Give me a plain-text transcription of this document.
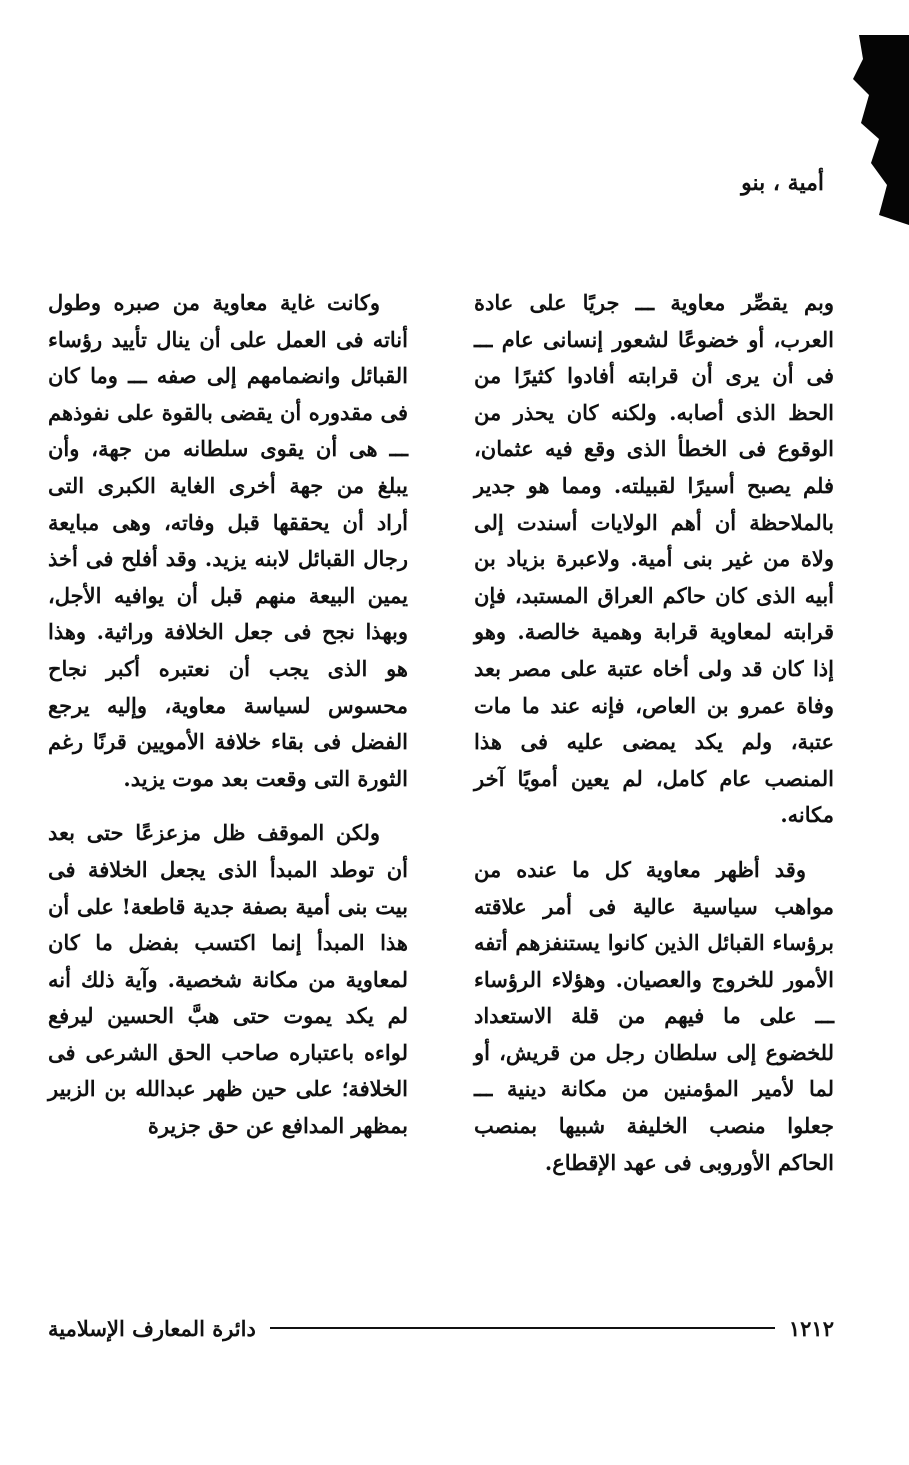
أمية ، بنو

وبم يقصِّر معاوية ـــ جريًا على عادة العرب، أو خضوعًا لشعور إنسانى عام ـــ فى أن يرى أن قرابته أفادوا كثيرًا من الحظ الذى أصابه. ولكنه كان يحذر من الوقوع فى الخطأ الذى وقع فيه عثمان، فلم يصبح أسيرًا لقبيلته. ومما هو جدير بالملاحظة أن أهم الولايات أسندت إلى ولاة من غير بنى أمية. ولاعبرة بزياد بن أبيه الذى كان حاكم العراق المستبد، فإن قرابته لمعاوية قرابة وهمية خالصة. وهو إذا كان قد ولى أخاه عتبة على مصر بعد وفاة عمرو بن العاص، فإنه عند ما مات عتبة، ولم يكد يمضى عليه فى هذا المنصب عام كامل، لم يعين أمويًا آخر مكانه.

وقد أظهر معاوية كل ما عنده من مواهب سياسية عالية فى أمر علاقته برؤساء القبائل الذين كانوا يستنفزهم أتفه الأمور للخروج والعصيان. وهؤلاء الرؤساء ـــ على ما فيهم من قلة الاستعداد للخضوع إلى سلطان رجل من قريش، أو لما لأمير المؤمنين من مكانة دينية ـــ جعلوا منصب الخليفة شبيها بمنصب الحاكم الأوروبى فى عهد الإقطاع.

وكانت غاية معاوية من صبره وطول أناته فى العمل على أن ينال تأييد رؤساء القبائل وانضمامهم إلى صفه ـــ وما كان فى مقدوره أن يقضى بالقوة على نفوذهم ـــ هى أن يقوى سلطانه من جهة، وأن يبلغ من جهة أخرى الغاية الكبرى التى أراد أن يحققها قبل وفاته، وهى مبايعة رجال القبائل لابنه يزيد. وقد أفلح فى أخذ يمين البيعة منهم قبل أن يوافيه الأجل، وبهذا نجح فى جعل الخلافة وراثية. وهذا هو الذى يجب أن نعتبره أكبر نجاح محسوس لسياسة معاوية، وإليه يرجع الفضل فى بقاء خلافة الأمويين قرنًا رغم الثورة التى وقعت بعد موت يزيد.

ولكن الموقف ظل مزعزعًا حتى بعد أن توطد المبدأ الذى يجعل الخلافة فى بيت بنى أمية بصفة جدية قاطعة! على أن هذا المبدأ إنما اكتسب بفضل ما كان لمعاوية من مكانة شخصية. وآية ذلك أنه لم يكد يموت حتى هبَّ الحسين ليرفع لواءه باعتباره صاحب الحق الشرعى فى الخلافة؛ على حين ظهر عبدالله بن الزبير بمظهر المدافع عن حق جزيرة

١٢١٢
دائرة المعارف الإسلامية
